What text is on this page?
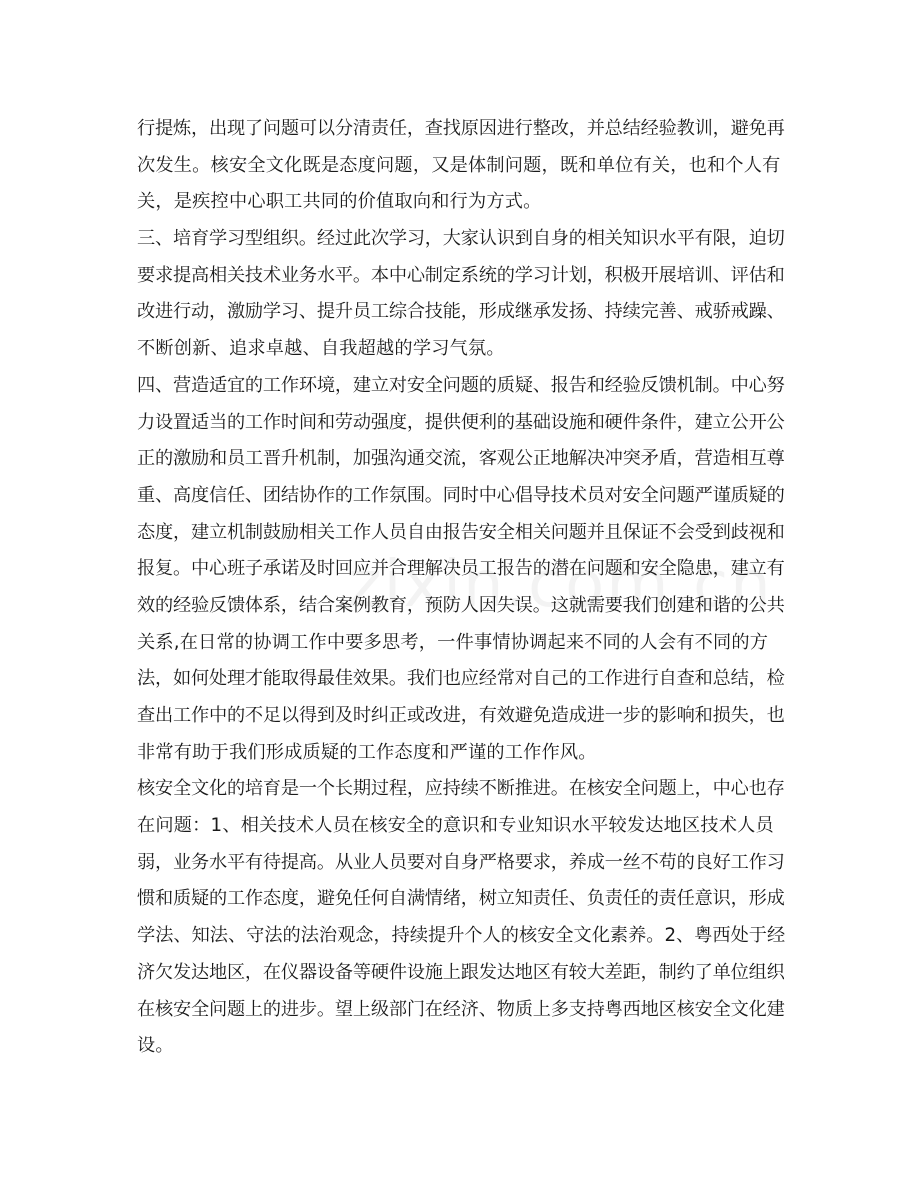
行提炼，出现了问题可以分清责任，查找原因进行整改，并总结经验教训，避免再
次发生。核安全文化既是态度问题，又是体制问题，既和单位有关，也和个人有
关，是疾控中心职工共同的价值取向和行为方式。
三、培育学习型组织。经过此次学习，大家认识到自身的相关知识水平有限，迫切
要求提高相关技术业务水平。本中心制定系统的学习计划，积极开展培训、评估和
改进行动，激励学习、提升员工综合技能，形成继承发扬、持续完善、戒骄戒躁、
不断创新、追求卓越、自我超越的学习气氛。
四、营造适宜的工作环境，建立对安全问题的质疑、报告和经验反馈机制。中心努
力设置适当的工作时间和劳动强度，提供便利的基础设施和硬件条件，建立公开公
正的激励和员工晋升机制，加强沟通交流，客观公正地解决冲突矛盾，营造相互尊
重、高度信任、团结协作的工作氛围。同时中心倡导技术员对安全问题严谨质疑的
态度，建立机制鼓励相关工作人员自由报告安全相关问题并且保证不会受到歧视和
报复。中心班子承诺及时回应并合理解决员工报告的潜在问题和安全隐患，建立有
效的经验反馈体系，结合案例教育，预防人因失误。这就需要我们创建和谐的公共
关系,在日常的协调工作中要多思考，一件事情协调起来不同的人会有不同的方
法，如何处理才能取得最佳效果。我们也应经常对自己的工作进行自查和总结，检
查出工作中的不足以得到及时纠正或改进，有效避免造成进一步的影响和损失，也
非常有助于我们形成质疑的工作态度和严谨的工作作风。
核安全文化的培育是一个长期过程，应持续不断推进。在核安全问题上，中心也存
在问题：1、相关技术人员在核安全的意识和专业知识水平较发达地区技术人员
弱，业务水平有待提高。从业人员要对自身严格要求，养成一丝不苟的良好工作习
惯和质疑的工作态度，避免任何自满情绪，树立知责任、负责任的责任意识，形成
学法、知法、守法的法治观念，持续提升个人的核安全文化素养。2、粤西处于经
济欠发达地区，在仪器设备等硬件设施上跟发达地区有较大差距，制约了单位组织
在核安全问题上的进步。望上级部门在经济、物质上多支持粤西地区核安全文化建
设。
